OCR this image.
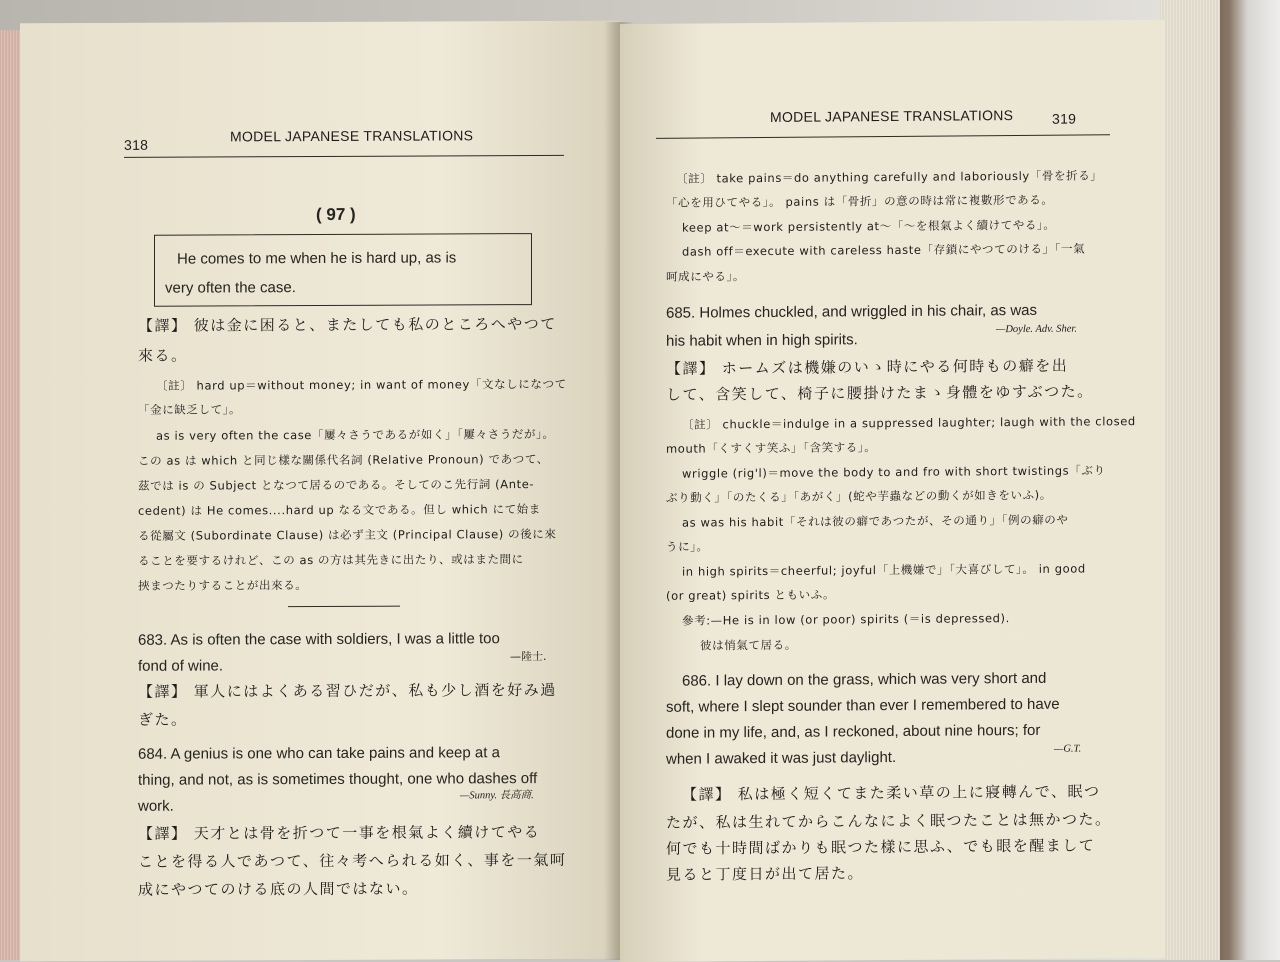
318
MODEL JAPANESE TRANSLATIONS
( 97 )
He comes to me when he is hard up, as is
very often the case.
【譯】 彼は金に困ると、またしても私のところへやつて
來る。
〔註〕 hard up＝without money; in want of money「文なしになつて
「金に缺乏して」。
as is very often the case「屢々さうであるが如く」「屢々さうだが」。
この as は which と同じ樣な關係代名詞 (Relative Pronoun) であつて、
茲では is の Subject となつて居るのである。そしてのこ先行詞 (Ante-
cedent) は He comes....hard up なる文である。但し which にて始ま
る從屬文 (Subordinate Clause) は必ず主文 (Principal Clause) の後に來
ることを要するけれど、この as の方は其先きに出たり、或はまた間に
挾まつたりすることが出來る。
683. As is often the case with soldiers, I was a little too
fond of wine.
—陸士.
【譯】 軍人にはよくある習ひだが、私も少し酒を好み過
ぎた。
684. A genius is one who can take pains and keep at a
thing, and not, as is sometimes thought, one who dashes off
work.
—Sunny. 長高商.
【譯】 天才とは骨を折つて一事を根氣よく續けてやる
ことを得る人であつて、往々考へられる如く、事を一氣呵
成にやつてのける底の人間ではない。
MODEL JAPANESE TRANSLATIONS	319
〔註〕 take pains＝do anything carefully and laboriously「骨を折る」
「心を用ひてやる」。 pains は「骨折」の意の時は常に複數形である。
keep at～＝work persistently at～「～を根氣よく續けてやる」。
dash off＝execute with careless haste「存鎖にやつてのける」「一氣
呵成にやる」。
685. Holmes chuckled, and wriggled in his chair, as was
—Doyle. Adv. Sher.
his habit when in high spirits.
【譯】 ホームズは機嫌のいゝ時にやる何時もの癖を出
して、含笑して、椅子に腰掛けたまゝ身體をゆすぶつた。
〔註〕 chuckle＝indulge in a suppressed laughter; laugh with the closed
mouth「くすくす笑ふ」「含笑する」。
wriggle (rig'l)＝move the body to and fro with short twistings「ぶり
ぶり動く」「のたくる」「あがく」(蛇や芋蟲などの動くが如きをいふ)。
as was his habit「それは彼の癖であつたが、その通り」「例の癖のや
うに」。
in high spirits＝cheerful; joyful「上機嫌で」「大喜びして」。 in good
(or great) spirits ともいふ。
參考:—He is in low (or poor) spirits (＝is depressed).
彼は悄氣て居る。
686. I lay down on the grass, which was very short and
soft, where I slept sounder than ever I remembered to have
done in my life, and, as I reckoned, about nine hours; for
—G.T.
when I awaked it was just daylight.
【譯】 私は極く短くてまた柔い草の上に寢轉んで、眠つ
たが、私は生れてからこんなによく眠つたことは無かつた。
何でも十時間ばかりも眠つた樣に思ふ、でも眼を醒まして
見ると丁度日が出て居た。
